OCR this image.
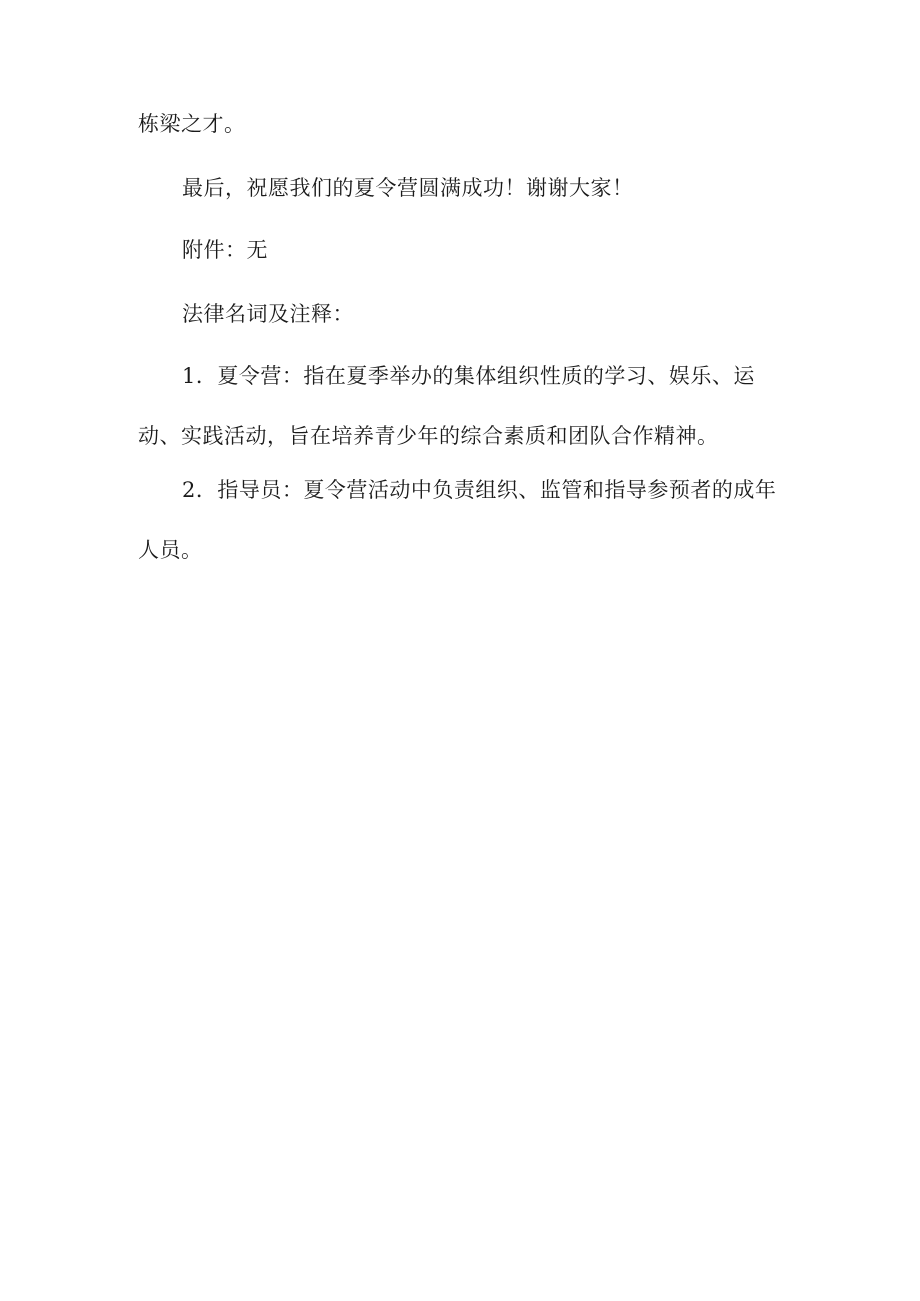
栋梁之才。

最后，祝愿我们的夏令营圆满成功！谢谢大家！

附件：无

法律名词及注释：

1．夏令营：指在夏季举办的集体组织性质的学习、娱乐、运动、实践活动，旨在培养青少年的综合素质和团队合作精神。

2．指导员：夏令营活动中负责组织、监管和指导参预者的成年人员。
